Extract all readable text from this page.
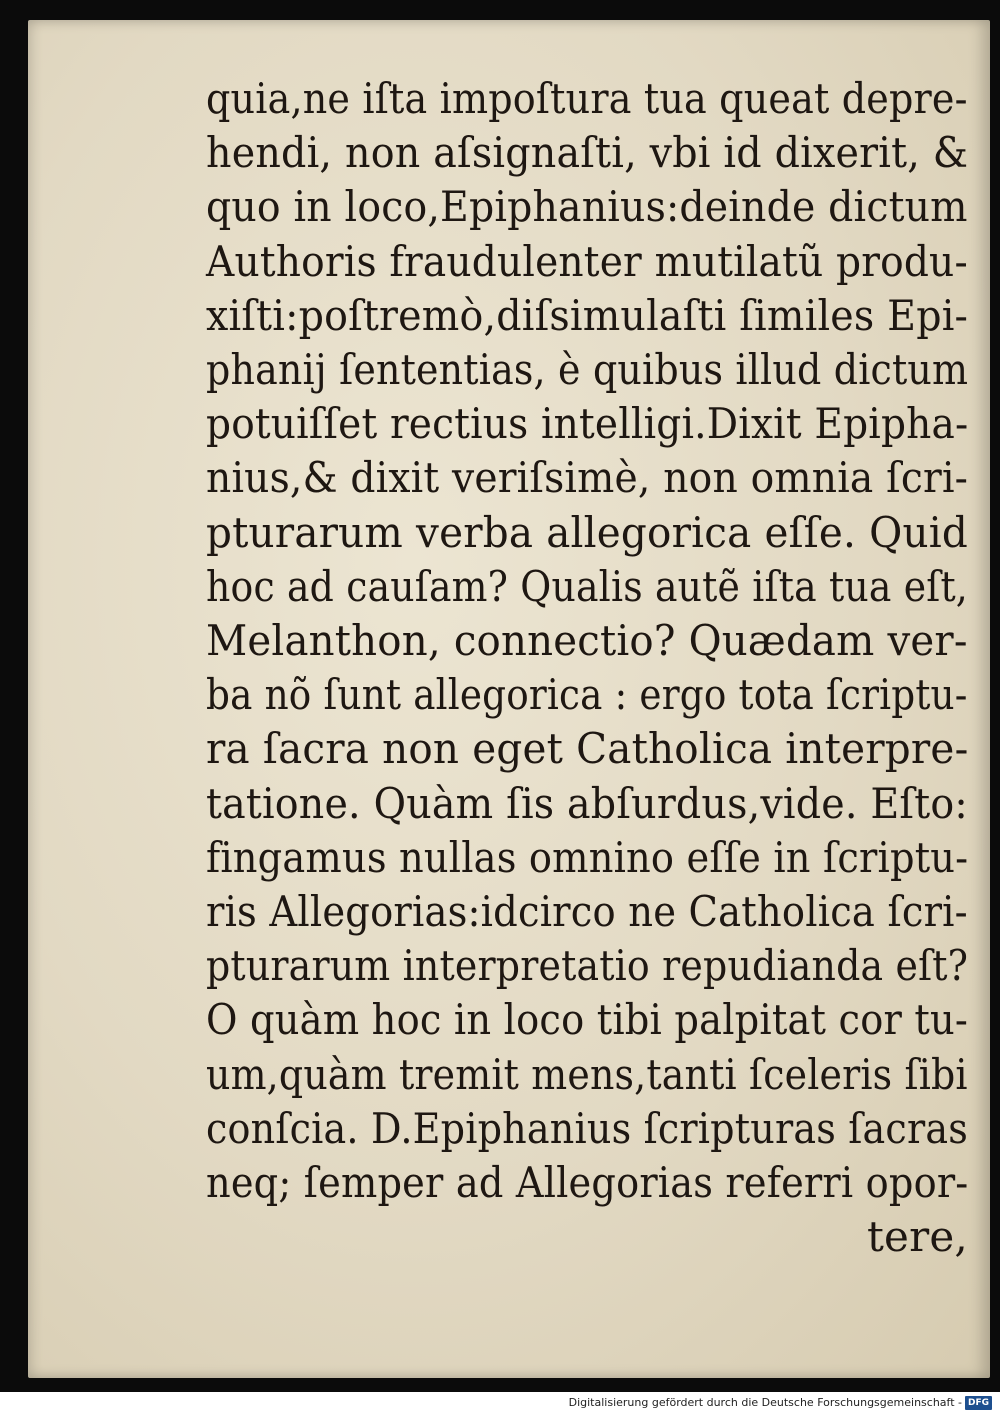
quia,ne iſta impoſtura tua queat depre-
hendi, non aſsignaſti, vbi id dixerit, &
quo in loco,Epiphanius:deinde dictum
Authoris fraudulenter mutilatũ produ-
xiſti:poſtremò,diſsimulaſti ſimiles Epi-
phanij ſententias, è quibus illud dictum
potuiſſet rectius intelligi.Dixit Epipha-
nius,& dixit veriſsimè, non omnia ſcri-
pturarum verba allegorica eſſe. Quid
hoc ad cauſam? Qualis autẽ iſta tua eſt,
Melanthon, connectio? Quædam ver-
ba nõ ſunt allegorica : ergo tota ſcriptu-
ra ſacra non eget Catholica interpre-
tatione. Quàm ſis abſurdus,vide. Eſto:
fingamus nullas omnino eſſe in ſcriptu-
ris Allegorias:idcirco ne Catholica ſcri-
pturarum interpretatio repudianda eſt?
O quàm hoc in loco tibi palpitat cor tu-
um,quàm tremit mens,tanti ſceleris ſibi
conſcia. D.Epiphanius ſcripturas ſacras
neq; ſemper ad Allegorias referri opor-
tere,
Digitalisierung gefördert durch die Deutsche Forschungsgemeinschaft - DFG
